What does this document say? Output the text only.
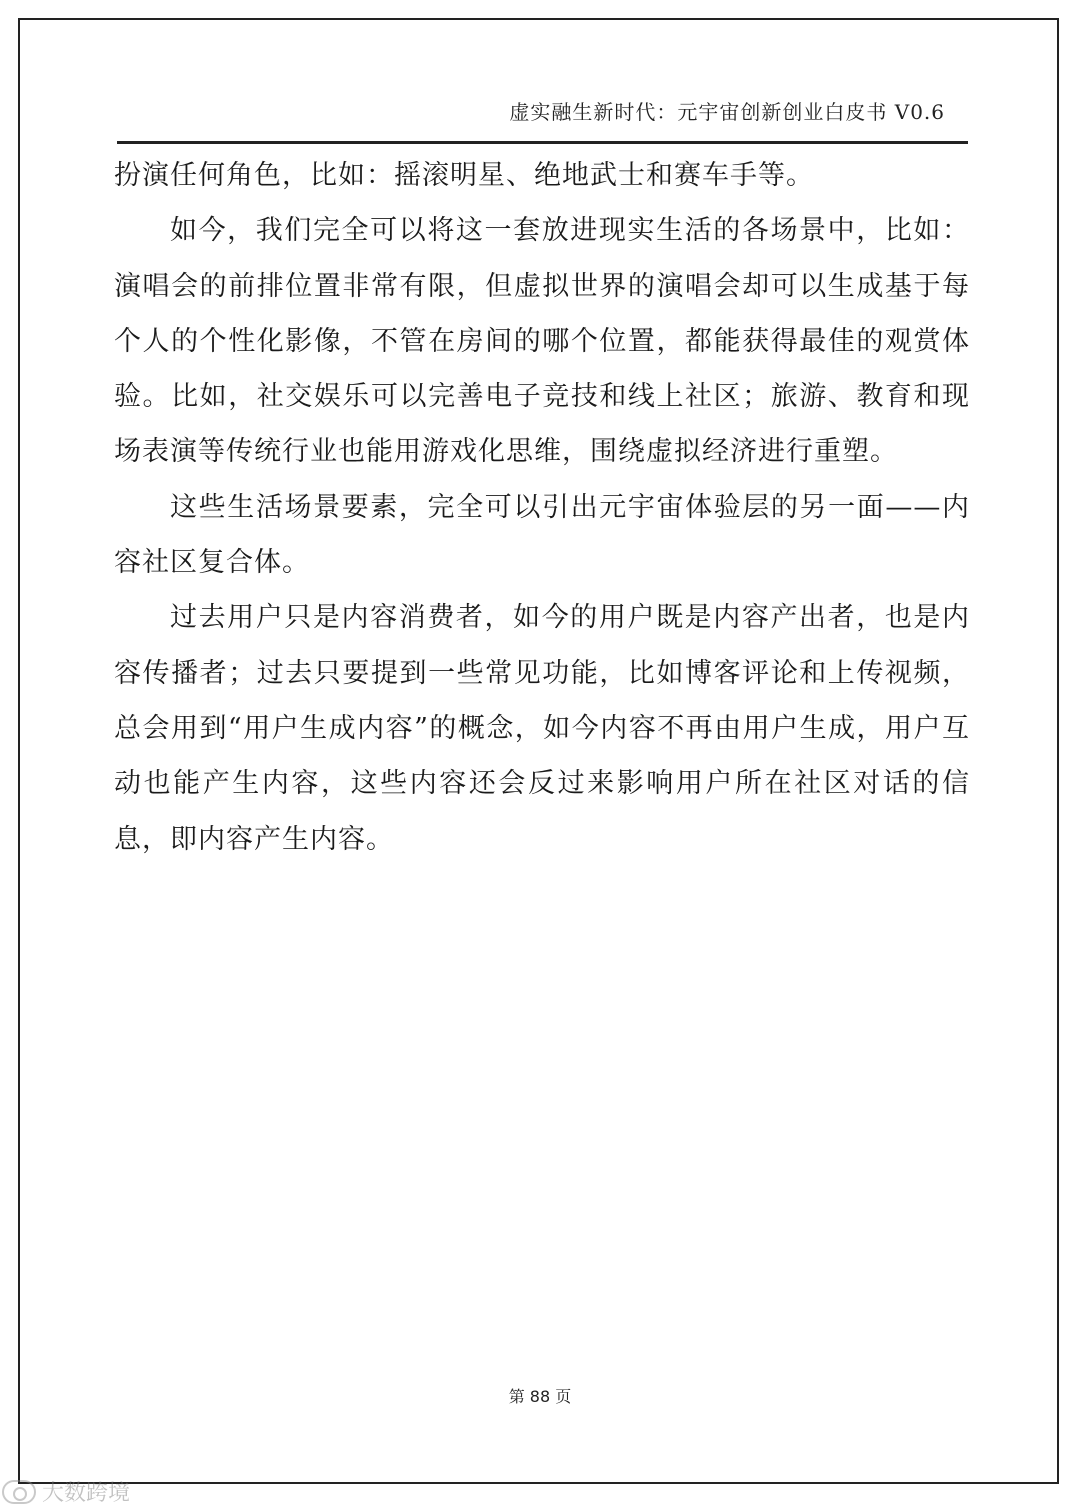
虚实融生新时代：元宇宙创新创业白皮书 V0.6

扮演任何角色，比如：摇滚明星、绝地武士和赛车手等。

如今，我们完全可以将这一套放进现实生活的各场景中，比如：演唱会的前排位置非常有限，但虚拟世界的演唱会却可以生成基于每个人的个性化影像，不管在房间的哪个位置，都能获得最佳的观赏体验。比如，社交娱乐可以完善电子竞技和线上社区；旅游、教育和现场表演等传统行业也能用游戏化思维，围绕虚拟经济进行重塑。

这些生活场景要素，完全可以引出元宇宙体验层的另一面——内容社区复合体。

过去用户只是内容消费者，如今的用户既是内容产出者，也是内容传播者；过去只要提到一些常见功能，比如博客评论和上传视频，总会用到“用户生成内容”的概念，如今内容不再由用户生成，用户互动也能产生内容，这些内容还会反过来影响用户所在社区对话的信息，即内容产生内容。

第 88 页
大数跨境
